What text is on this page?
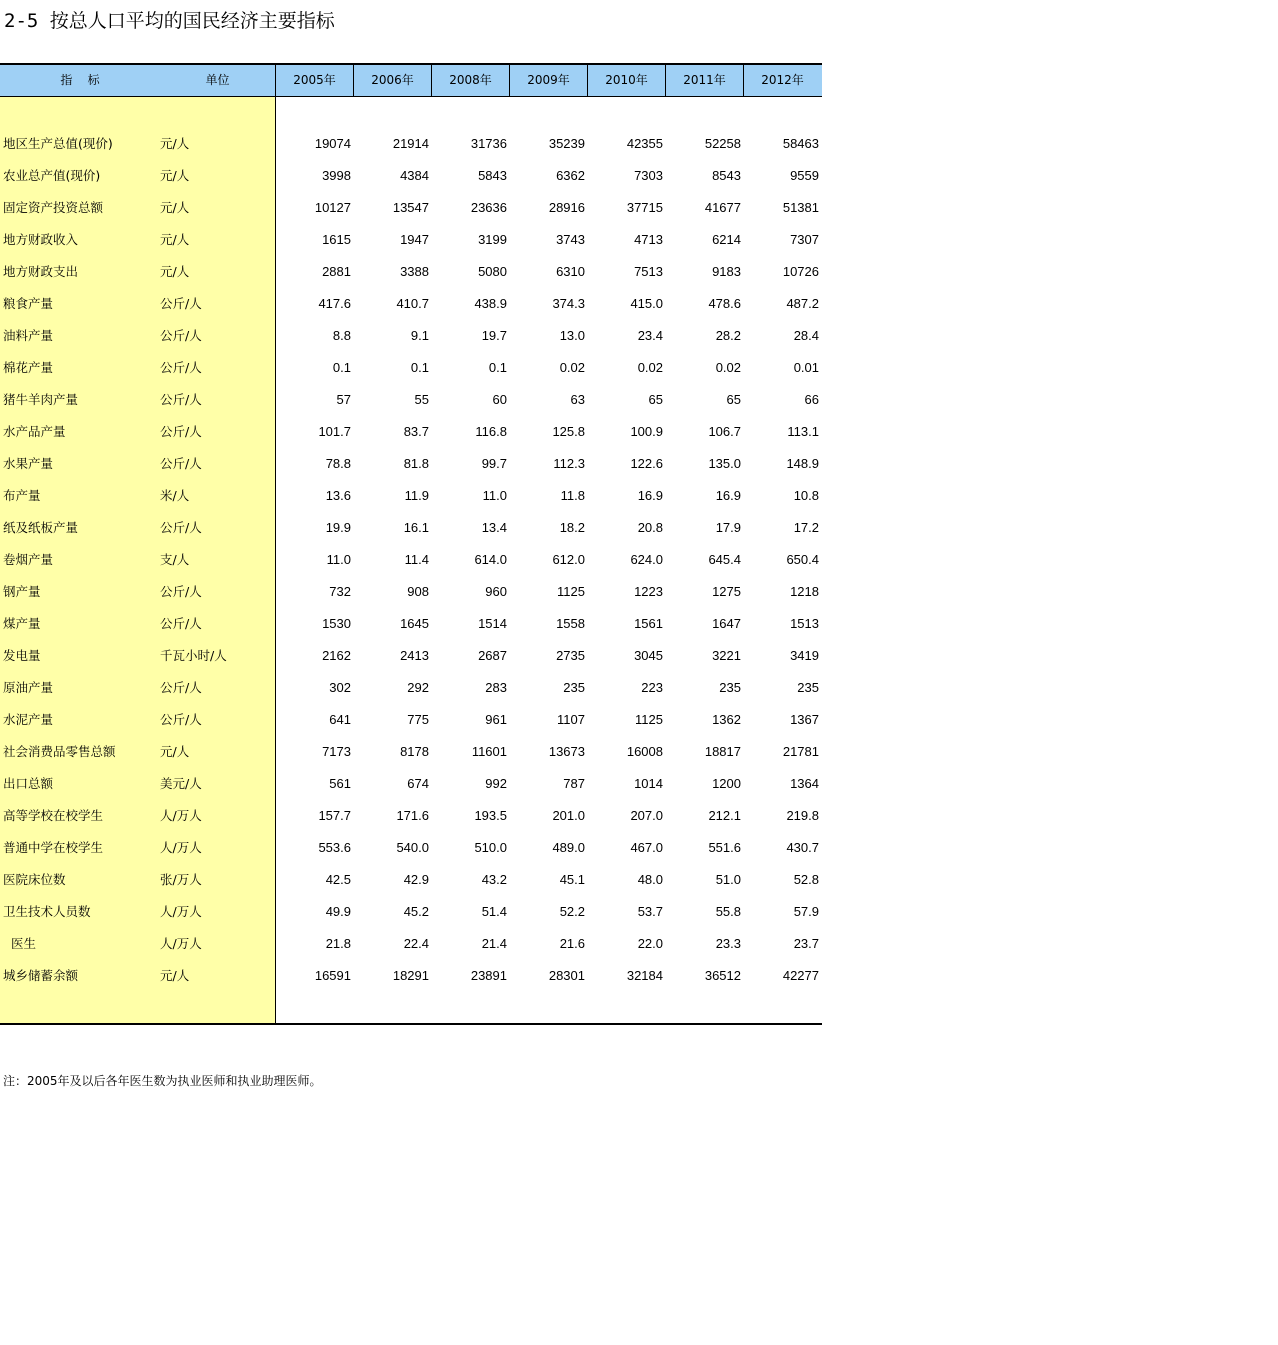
2-5 按总人口平均的国民经济主要指标
指    标	单位	2005年	2006年	2008年	2009年	2010年	2011年	2012年
地区生产总值(现价)	元/人	19074	21914	31736	35239	42355	52258	58463
农业总产值(现价)	元/人	3998	4384	5843	6362	7303	8543	9559
固定资产投资总额	元/人	10127	13547	23636	28916	37715	41677	51381
地方财政收入	元/人	1615	1947	3199	3743	4713	6214	7307
地方财政支出	元/人	2881	3388	5080	6310	7513	9183	10726
粮食产量	公斤/人	417.6	410.7	438.9	374.3	415.0	478.6	487.2
油料产量	公斤/人	8.8	9.1	19.7	13.0	23.4	28.2	28.4
棉花产量	公斤/人	0.1	0.1	0.1	0.02	0.02	0.02	0.01
猪牛羊肉产量	公斤/人	57	55	60	63	65	65	66
水产品产量	公斤/人	101.7	83.7	116.8	125.8	100.9	106.7	113.1
水果产量	公斤/人	78.8	81.8	99.7	112.3	122.6	135.0	148.9
布产量	米/人	13.6	11.9	11.0	11.8	16.9	16.9	10.8
纸及纸板产量	公斤/人	19.9	16.1	13.4	18.2	20.8	17.9	17.2
卷烟产量	支/人	11.0	11.4	614.0	612.0	624.0	645.4	650.4
钢产量	公斤/人	732	908	960	1125	1223	1275	1218
煤产量	公斤/人	1530	1645	1514	1558	1561	1647	1513
发电量	千瓦小时/人	2162	2413	2687	2735	3045	3221	3419
原油产量	公斤/人	302	292	283	235	223	235	235
水泥产量	公斤/人	641	775	961	1107	1125	1362	1367
社会消费品零售总额	元/人	7173	8178	11601	13673	16008	18817	21781
出口总额	美元/人	561	674	992	787	1014	1200	1364
高等学校在校学生	人/万人	157.7	171.6	193.5	201.0	207.0	212.1	219.8
普通中学在校学生	人/万人	553.6	540.0	510.0	489.0	467.0	551.6	430.7
医院床位数	张/万人	42.5	42.9	43.2	45.1	48.0	51.0	52.8
卫生技术人员数	人/万人	49.9	45.2	51.4	52.2	53.7	55.8	57.9
医生	人/万人	21.8	22.4	21.4	21.6	22.0	23.3	23.7
城乡储蓄余额	元/人	16591	18291	23891	28301	32184	36512	42277
注：2005年及以后各年医生数为执业医师和执业助理医师。
